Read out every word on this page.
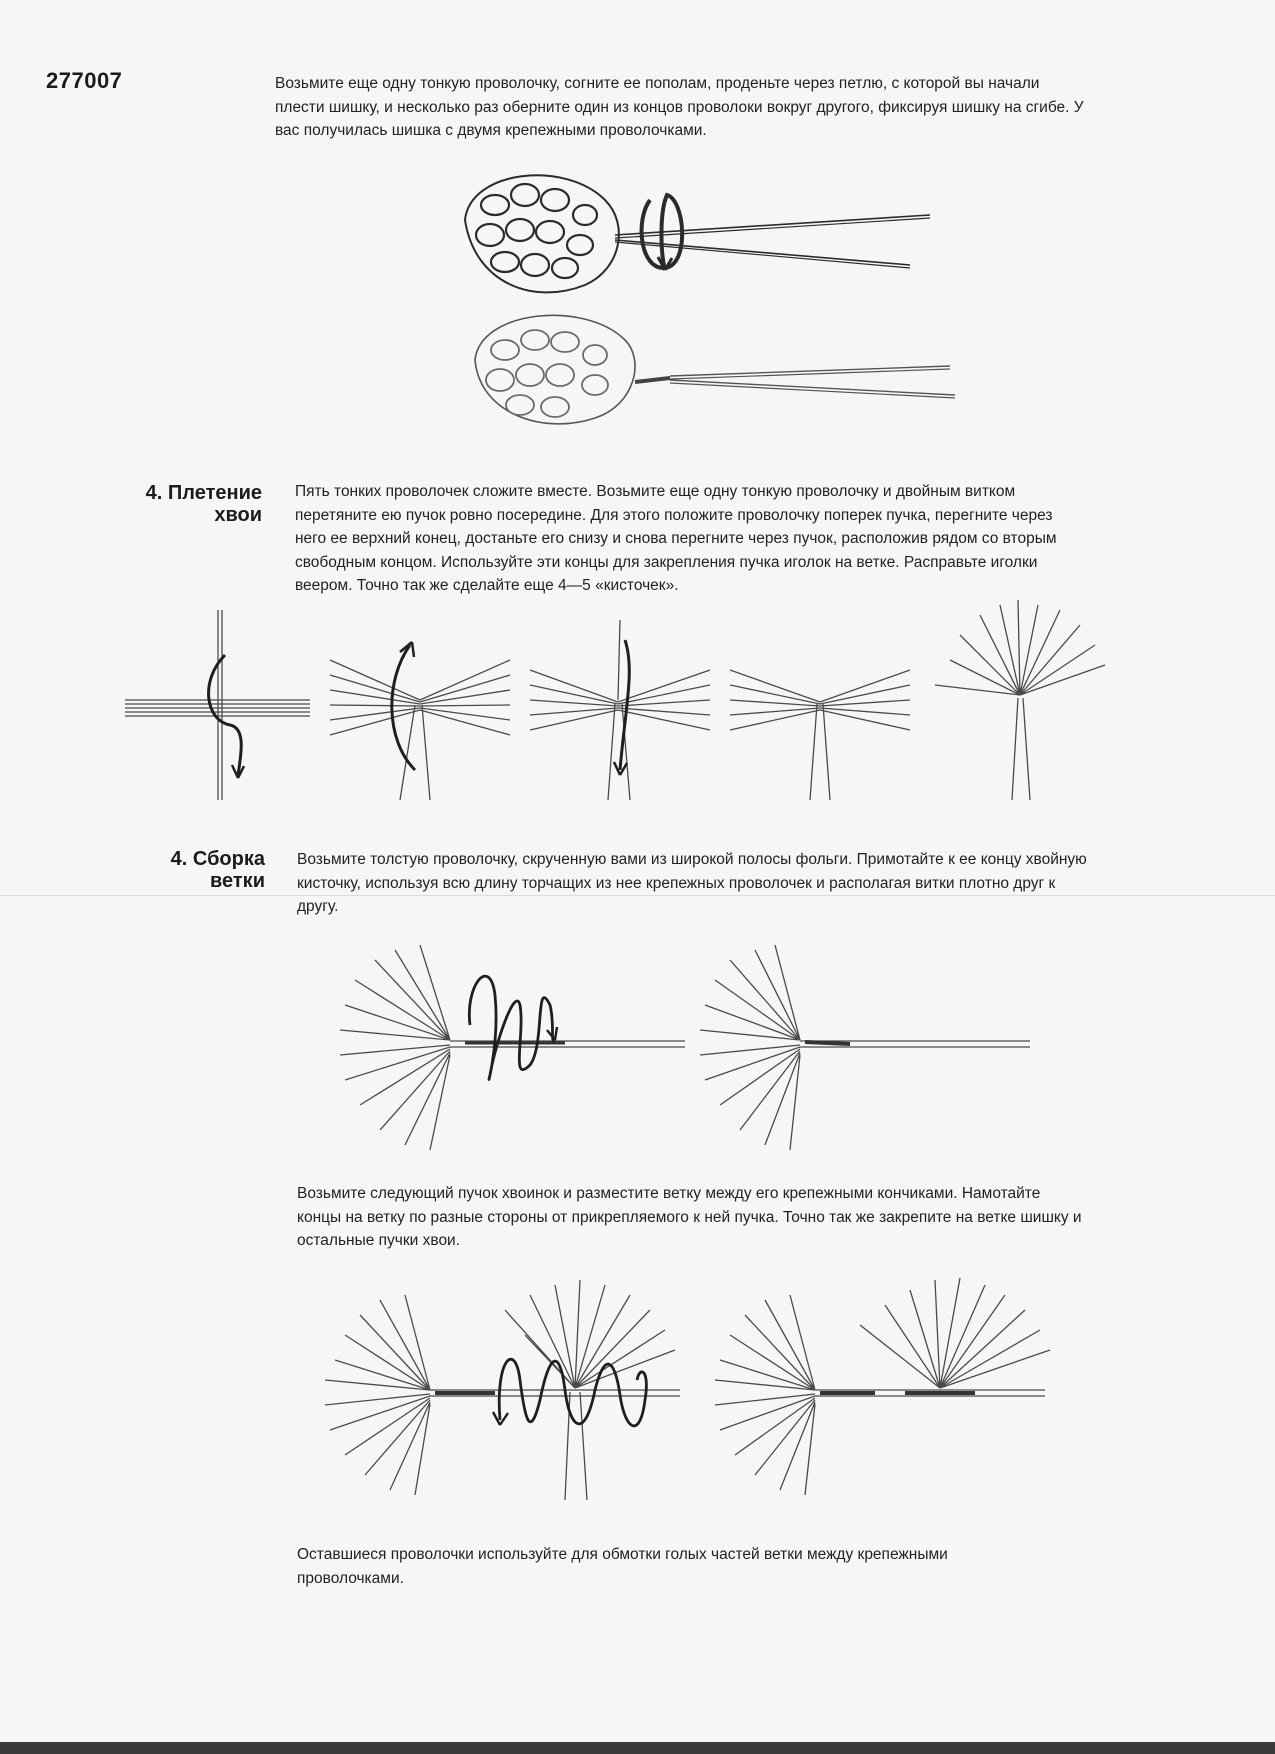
277007	Возьмите еще одну тонкую проволочку, согните ее пополам, проденьте через петлю, с которой вы начали плести шишку, и несколько раз оберните один из концов проволоки вокруг другого, фиксируя шишку на сгибе. У вас получилась шишка с двумя крепежными проволочками.
4. Плетение
хвои
Пять тонких проволочек сложите вместе. Возьмите еще одну тонкую проволочку и двойным витком перетяните ею пучок ровно посередине. Для этого положите проволочку поперек пучка, перегните через него ее верхний конец, достаньте его снизу и снова перегните через пучок, расположив рядом со вторым свободным концом. Используйте эти концы для закрепления пучка иголок на ветке. Расправьте иголки веером. Точно так же сделайте еще 4—5 «кисточек».
4. Сборка
ветки
Возьмите толстую проволочку, скрученную вами из широкой полосы фольги. Примотайте к ее концу хвойную кисточку, используя всю длину торчащих из нее крепежных проволочек и располагая витки плотно друг к другу.
Возьмите следующий пучок хвоинок и разместите ветку между его крепежными кончиками. Намотайте концы на ветку по разные стороны от прикрепляемого к ней пучка. Точно так же закрепите на ветке шишку и остальные пучки хвои.
Оставшиеся проволочки используйте для обмотки голых частей ветки между крепежными проволочками.
